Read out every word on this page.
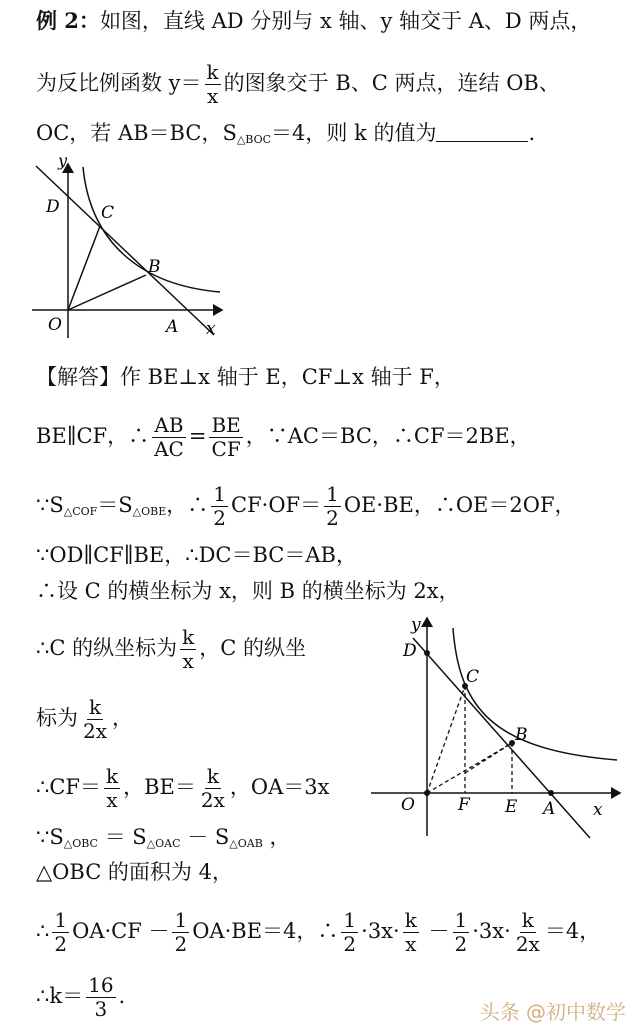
例 2：如图，直线 AD 分别与 x 轴、y 轴交于 A、D 两点，
为反比例函数 $y= \frac{k}{x}$ 的图象交于 B、C 两点，连结 OB、
OC，若 AB＝BC，$S_{\triangle BOC}=4$，则 k 的值为	.
y
D C
B
O	A x
【解答】作 BE⊥x 轴于 E，CF⊥x 轴于 F，
BE∥CF，∴ $\frac{AB}{AC} = \frac{BE}{CF}$ ，∵AC＝BC，∴CF＝2BE，
$\because S_{\triangle COF}=S_{\triangle OBE}$，∴ $\frac{1}{2} CF\cdot OF= \frac{1}{2} OE\cdot BE$，∴OE＝2OF，
∵OD∥CF∥BE，∴DC＝BC＝AB，
∴设 C 的横坐标为 x，则 B 的横坐标为 2x，
∴C 的纵坐标为 $\frac{k}{x}$ ，C 的纵坐
标为 $\frac{k}{2x}$ ，
∴CF＝ $\frac{k}{x}$ ，$BE= \frac{k}{2x}$ ，OA＝3x
$\because S_{\triangle OBC} = S_{\triangle OAC} - S_{\triangle OAB}$ ，
△OBC 的面积为 4，
∴ $\frac{1}{2} OA\cdot CF - \frac{1}{2} OA\cdot BE=4$，∴ $\frac{1}{2} \cdot 3x\cdot \frac{k}{x} - \frac{1}{2} \cdot 3x\cdot \frac{k}{2x} =4$，
∴k＝ $\frac{16}{3}$ .
y
D
C
B
O	F E A x
头条 @初中数学
